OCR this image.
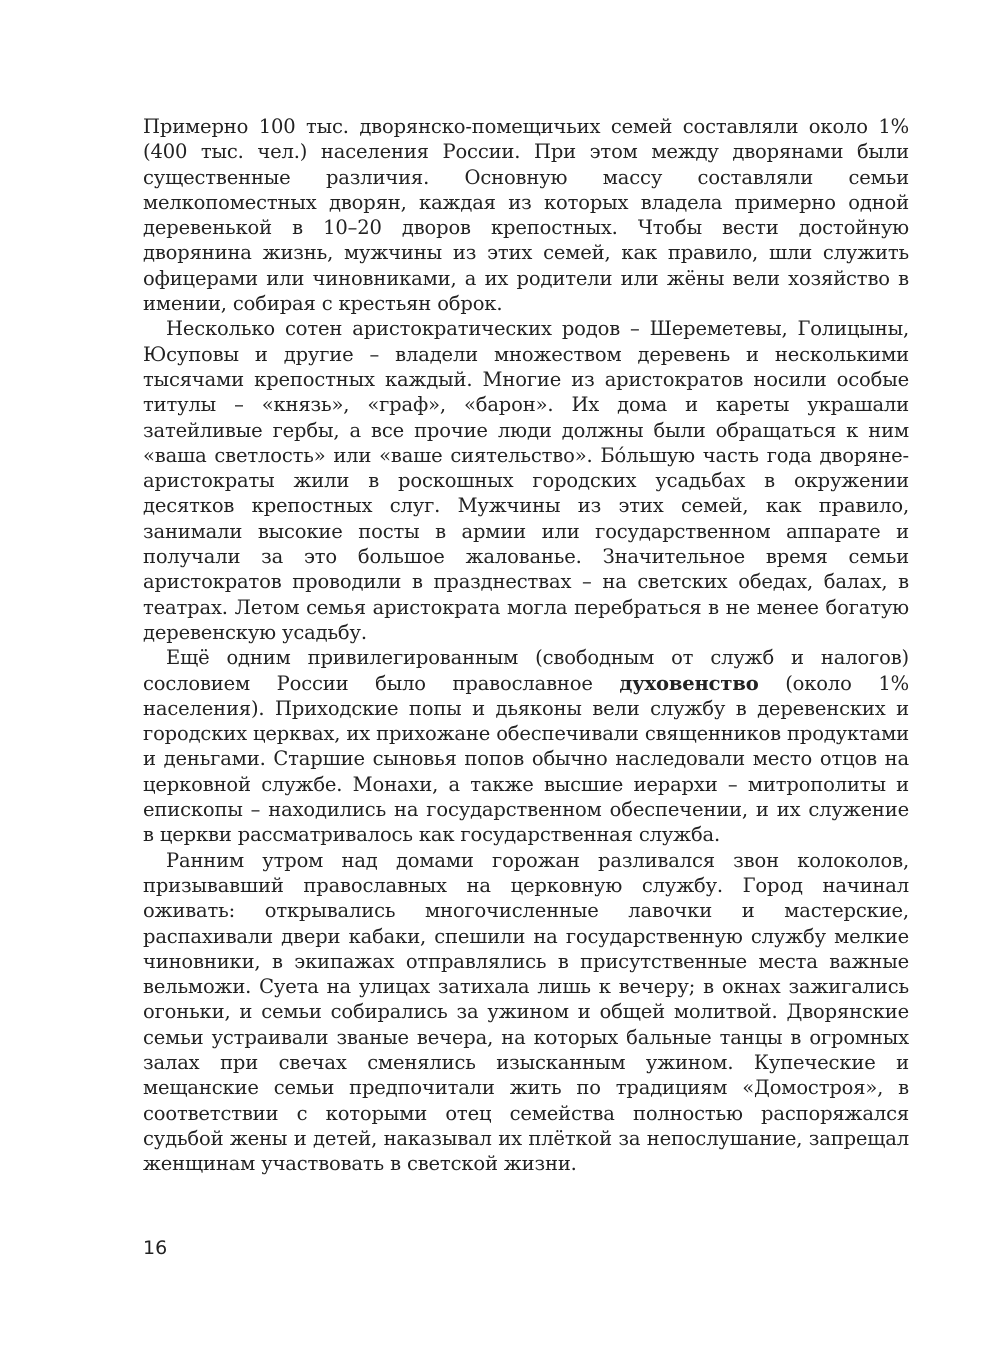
Примерно 100 тыс. дворянско-помещичьих семей составляли около 1% (400 тыс. чел.) населения России. При этом между дворянами были существенные различия. Основную массу составляли семьи мелкопоместных дворян, каждая из которых владела примерно одной деревенькой в 10–20 дворов крепостных. Чтобы вести достойную дворянина жизнь, мужчины из этих семей, как правило, шли служить офицерами или чиновниками, а их родители или жёны вели хозяйство в имении, собирая с крестьян оброк.

Несколько сотен аристократических родов – Шереметевы, Голицыны, Юсуповы и другие – владели множеством деревень и несколькими тысячами крепостных каждый. Многие из аристократов носили особые титулы – «князь», «граф», «барон». Их дома и кареты украшали затейливые гербы, а все прочие люди должны были обращаться к ним «ваша светлость» или «ваше сиятельство». Бо́льшую часть года дворяне-аристократы жили в роскошных городских усадьбах в окружении десятков крепостных слуг. Мужчины из этих семей, как правило, занимали высокие посты в армии или государственном аппарате и получали за это большое жалованье. Значительное время семьи аристократов проводили в празднествах – на светских обедах, балах, в театрах. Летом семья аристократа могла перебраться в не менее богатую деревенскую усадьбу.

Ещё одним привилегированным (свободным от служб и налогов) сословием России было православное духовенство (около 1% населения). Приходские попы и дьяконы вели службу в деревенских и городских церквах, их прихожане обеспечивали священников продуктами и деньгами. Старшие сыновья попов обычно наследовали место отцов на церковной службе. Монахи, а также высшие иерархи – митрополиты и епископы – находились на государственном обеспечении, и их служение в церкви рассматривалось как государственная служба.

Ранним утром над домами горожан разливался звон колоколов, призывавший православных на церковную службу. Город начинал оживать: открывались многочисленные лавочки и мастерские, распахивали двери кабаки, спешили на государственную службу мелкие чиновники, в экипажах отправлялись в присутственные места важные вельможи. Суета на улицах затихала лишь к вечеру; в окнах зажигались огоньки, и семьи собирались за ужином и общей молитвой. Дворянские семьи устраивали званые вечера, на которых бальные танцы в огромных залах при свечах сменялись изысканным ужином. Купеческие и мещанские семьи предпочитали жить по традициям «Домостроя», в соответствии с которыми отец семейства полностью распоряжался судьбой жены и детей, наказывал их плёткой за непослушание, запрещал женщинам участвовать в светской жизни.

16
